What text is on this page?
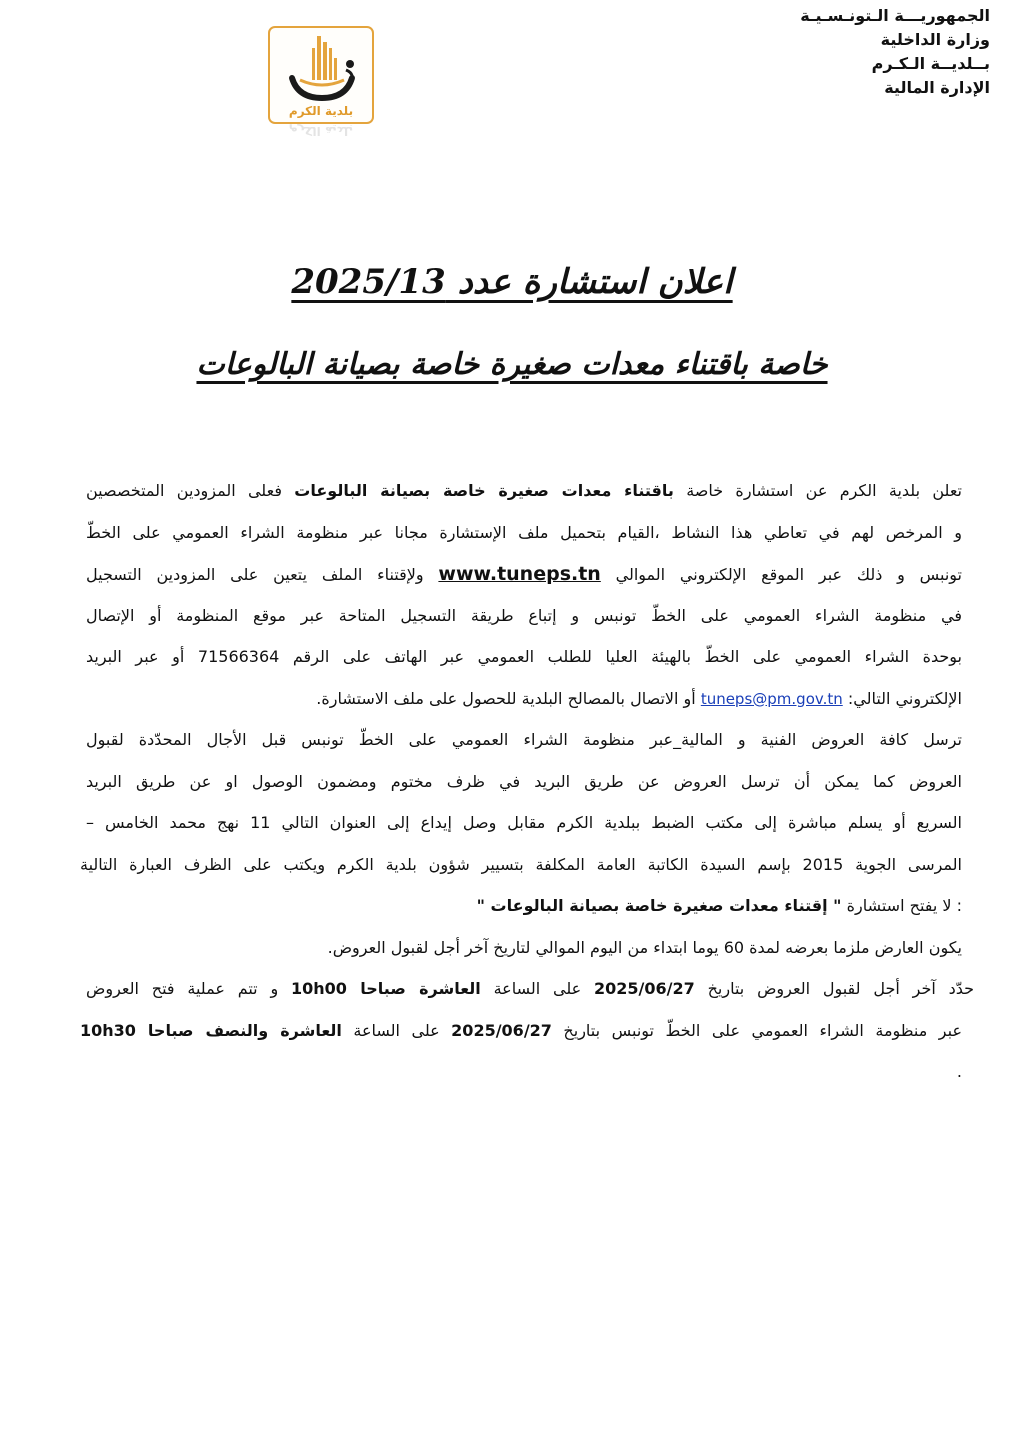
الجمهوريـــة الـتونـسـيـة
وزارة الداخلية
بــلديــة الـكـرم
الإدارة المالية
بلدية الكرم
بلدية الكرم
اعلان استشارة عدد 2025/13
خاصة باقتناء معدات صغيرة خاصة بصيانة البالوعات
تعلن بلدية الكرم عن استشارة خاصة باقتناء معدات صغيرة خاصة بصيانة البالوعات فعلى المزودين المتخصصين
و المرخص لهم في تعاطي هذا النشاط ،القيام بتحميل ملف الإستشارة مجانا عبر منظومة الشراء العمومي على الخطّ
تونبس و ذلك عبر الموقع الإلكتروني الموالي www.tuneps.tn ولإقتناء الملف يتعين على المزودين التسجيل
في منظومة الشراء العمومي على الخطّ تونبس و إتباع طريقة التسجيل المتاحة عبر موقع المنظومة أو الإتصال
بوحدة الشراء العمومي على الخطّ بالهيئة العليا للطلب العمومي عبر الهاتف على الرقم 71566364 أو عبر البريد
الإلكتروني التالي: tuneps@pm.gov.tn أو الاتصال بالمصالح البلدية للحصول على ملف الاستشارة.
ترسل كافة العروض الفنية و المالية_عبر منظومة الشراء العمومي على الخطّ تونبس قبل الأجال المحدّدة لقبول
العروض كما يمكن أن ترسل العروض عن طريق البريد في ظرف مختوم ومضمون الوصول او عن طريق البريد
السريع أو يسلم مباشرة إلى مكتب الضبط ببلدية الكرم مقابل وصل إيداع إلى العنوان التالي 11 نهج محمد الخامس –
المرسى الجوية 2015 بإسم السيدة الكاتبة العامة المكلفة بتسيير شؤون بلدية الكرم ويكتب على الظرف العبارة التالية
: لا يفتح استشارة " إقتناء معدات صغيرة خاصة بصيانة البالوعات "
يكون العارض ملزما بعرضه لمدة 60 يوما ابتداء من اليوم الموالي لتاريخ آخر أجل لقبول العروض.
حدّد آخر أجل لقبول العروض بتاريخ 2025/06/27 على الساعة العاشرة صباحا 10h00 و تتم عملية فتح العروض
عبر منظومة الشراء العمومي على الخطّ تونبس بتاريخ 2025/06/27 على الساعة العاشرة والنصف صباحا 10h30
.
